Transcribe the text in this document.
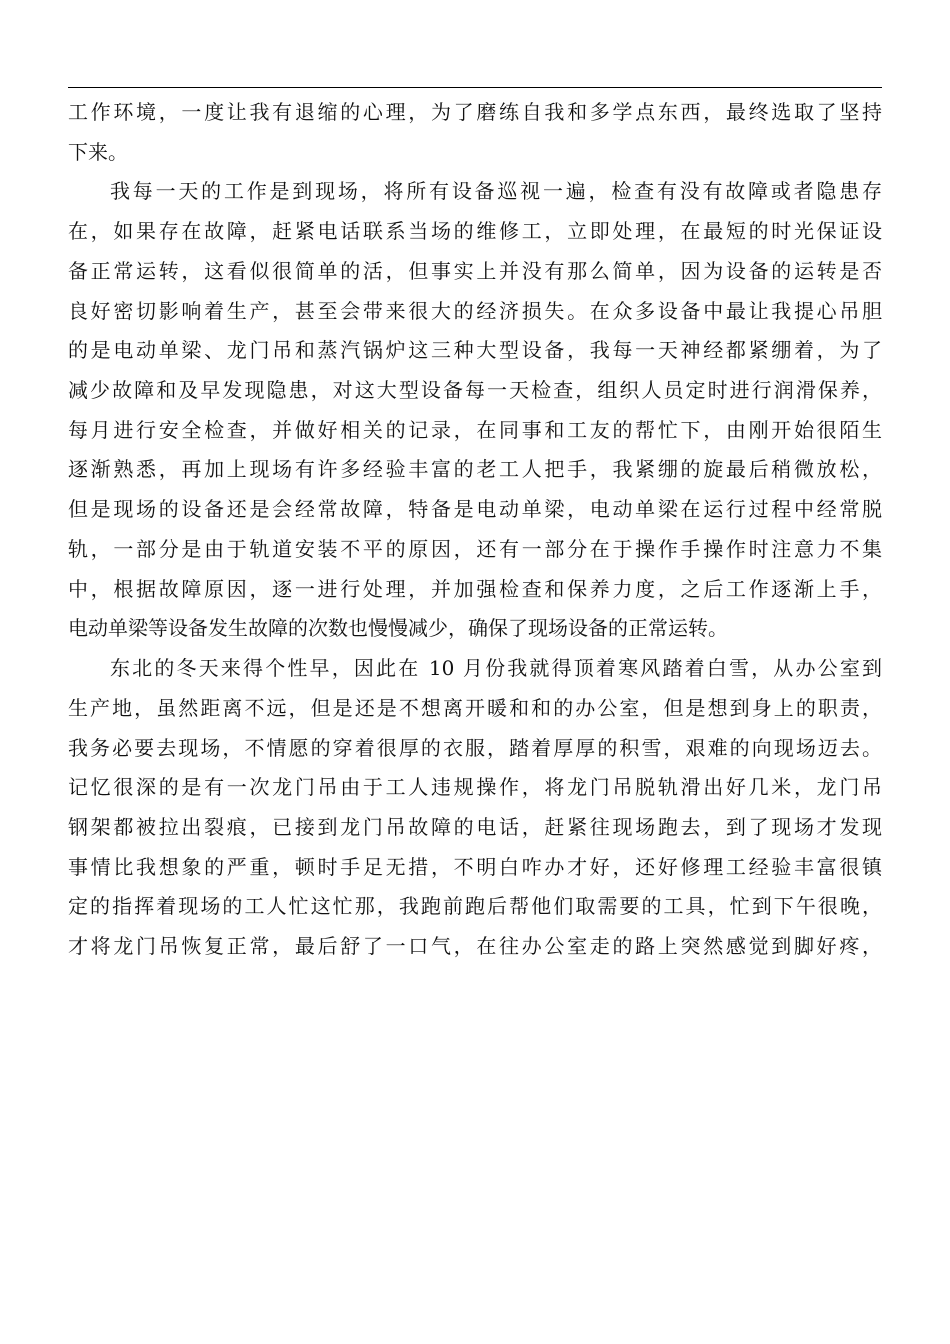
工作环境，一度让我有退缩的心理，为了磨练自我和多学点东西，最终选取了坚持
下来。
我每一天的工作是到现场，将所有设备巡视一遍，检查有没有故障或者隐患存
在，如果存在故障，赶紧电话联系当场的维修工，立即处理，在最短的时光保证设
备正常运转，这看似很简单的活，但事实上并没有那么简单，因为设备的运转是否
良好密切影响着生产，甚至会带来很大的经济损失。在众多设备中最让我提心吊胆
的是电动单梁、龙门吊和蒸汽锅炉这三种大型设备，我每一天神经都紧绷着，为了
减少故障和及早发现隐患，对这大型设备每一天检查，组织人员定时进行润滑保养，
每月进行安全检查，并做好相关的记录，在同事和工友的帮忙下，由刚开始很陌生
逐渐熟悉，再加上现场有许多经验丰富的老工人把手，我紧绷的旋最后稍微放松，
但是现场的设备还是会经常故障，特备是电动单梁，电动单梁在运行过程中经常脱
轨，一部分是由于轨道安装不平的原因，还有一部分在于操作手操作时注意力不集
中，根据故障原因，逐一进行处理，并加强检查和保养力度，之后工作逐渐上手，
电动单梁等设备发生故障的次数也慢慢减少，确保了现场设备的正常运转。
东北的冬天来得个性早，因此在 10 月份我就得顶着寒风踏着白雪，从办公室到
生产地，虽然距离不远，但是还是不想离开暖和和的办公室，但是想到身上的职责，
我务必要去现场，不情愿的穿着很厚的衣服，踏着厚厚的积雪，艰难的向现场迈去。
记忆很深的是有一次龙门吊由于工人违规操作，将龙门吊脱轨滑出好几米，龙门吊
钢架都被拉出裂痕，已接到龙门吊故障的电话，赶紧往现场跑去，到了现场才发现
事情比我想象的严重，顿时手足无措，不明白咋办才好，还好修理工经验丰富很镇
定的指挥着现场的工人忙这忙那，我跑前跑后帮他们取需要的工具，忙到下午很晚，
才将龙门吊恢复正常，最后舒了一口气，在往办公室走的路上突然感觉到脚好疼，
